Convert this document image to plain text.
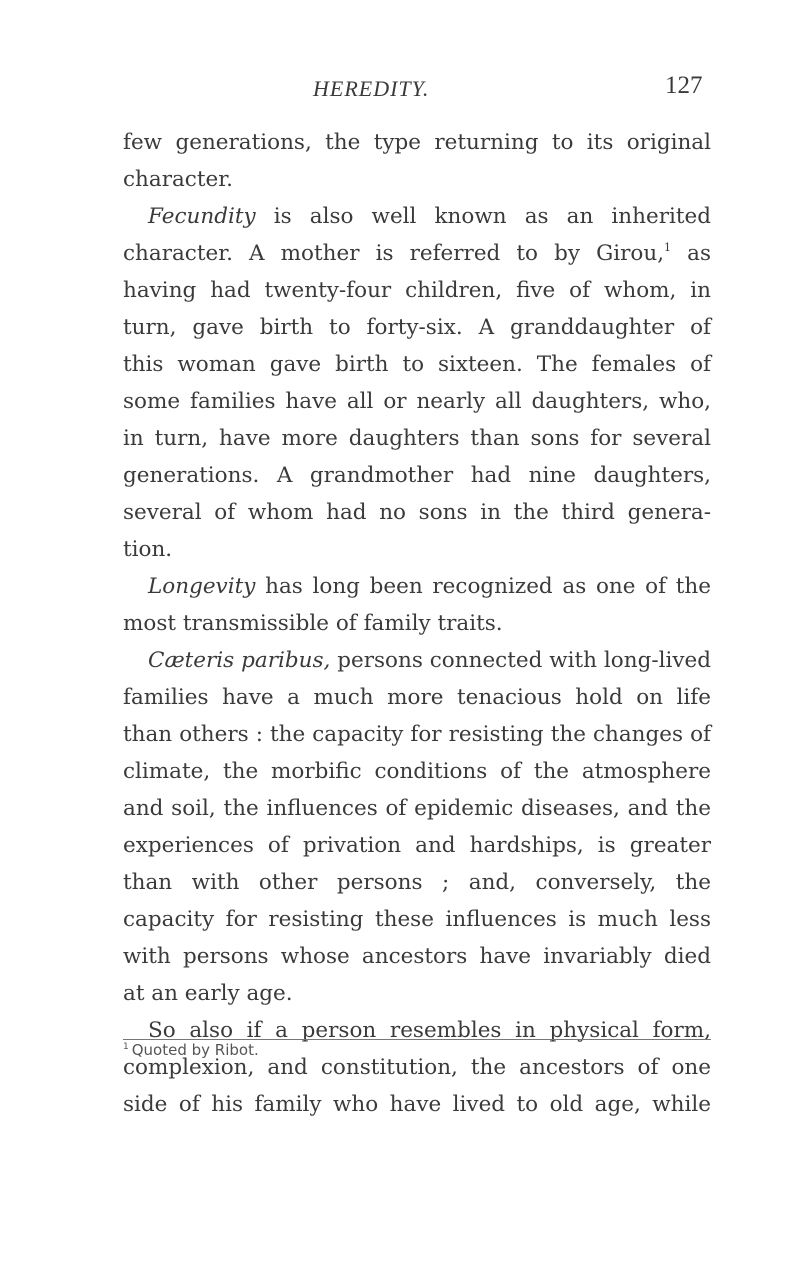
HEREDITY.	127
few generations, the type returning to its original
character.
Fecundity is also well known as an inherited
character. A mother is referred to by Girou,$^1$ as
having had twenty-four children, five of whom, in
turn, gave birth to forty-six. A granddaughter of
this woman gave birth to sixteen. The females of
some families have all or nearly all daughters, who,
in turn, have more daughters than sons for several
generations. A grandmother had nine daughters,
several of whom had no sons in the third genera-
tion.
Longevity has long been recognized as one of the
most transmissible of family traits.
Cæteris paribus, persons connected with long-lived
families have a much more tenacious hold on life
than others : the capacity for resisting the changes of
climate, the morbific conditions of the atmosphere
and soil, the influences of epidemic diseases, and the
experiences of privation and hardships, is greater
than with other persons ; and, conversely, the
capacity for resisting these influences is much less
with persons whose ancestors have invariably died
at an early age.
So also if a person resembles in physical form,
complexion, and constitution, the ancestors of one
side of his family who have lived to old age, while
$^1$ Quoted by Ribot.
